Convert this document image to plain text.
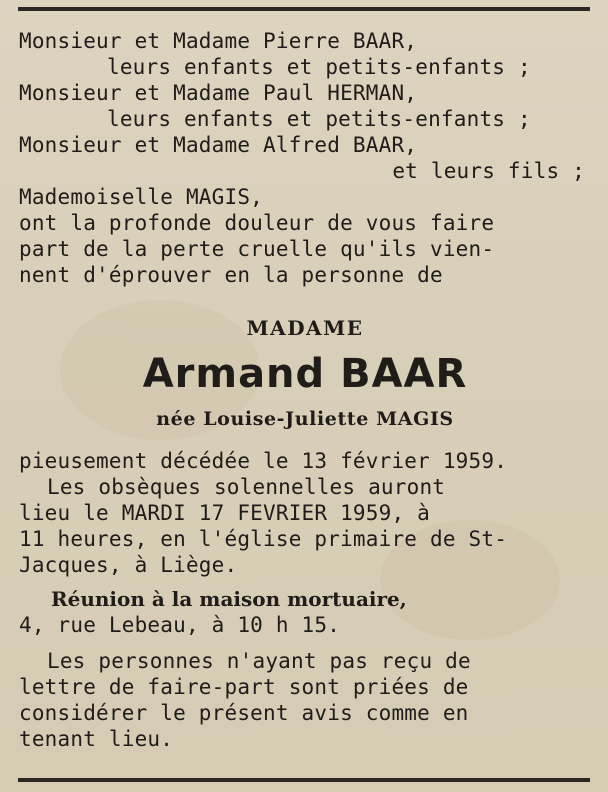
Monsieur et Madame Pierre BAAR,
leurs enfants et petits-enfants ;
Monsieur et Madame Paul HERMAN,
leurs enfants et petits-enfants ;
Monsieur et Madame Alfred BAAR,
et leurs fils ;
Mademoiselle MAGIS,
ont la profonde douleur de vous faire
part de la perte cruelle qu'ils vien-
nent d'éprouver en la personne de
MADAME
Armand BAAR
née Louise-Juliette MAGIS
pieusement décédée le 13 février 1959.
Les obsèques solennelles auront
lieu le MARDI 17 FEVRIER 1959, à
11 heures, en l'église primaire de St-
Jacques, à Liège.
Réunion à la maison mortuaire,
4, rue Lebeau, à 10 h 15.
Les personnes n'ayant pas reçu de
lettre de faire-part sont priées de
considérer le présent avis comme en
tenant lieu.
